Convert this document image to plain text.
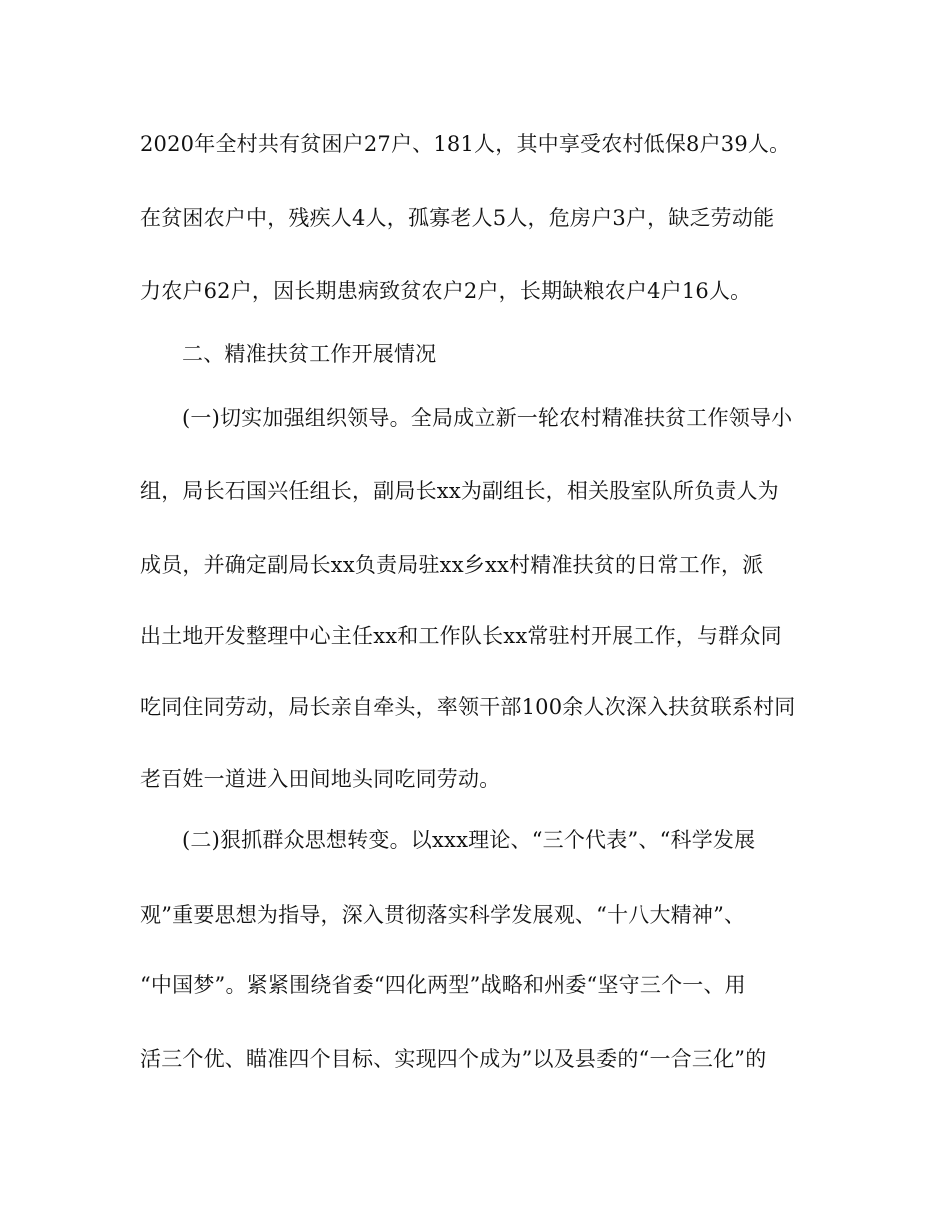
2020年全村共有贫困户27户、181人，其中享受农村低保8户39人。
在贫困农户中，残疾人4人，孤寡老人5人，危房户3户，缺乏劳动能
力农户62户，因长期患病致贫农户2户，长期缺粮农户4户16人。
二、精准扶贫工作开展情况
(一)切实加强组织领导。全局成立新一轮农村精准扶贫工作领导小
组，局长石国兴任组长，副局长xx为副组长，相关股室队所负责人为
成员，并确定副局长xx负责局驻xx乡xx村精准扶贫的日常工作，派
出土地开发整理中心主任xx和工作队长xx常驻村开展工作，与群众同
吃同住同劳动，局长亲自牵头，率领干部100余人次深入扶贫联系村同
老百姓一道进入田间地头同吃同劳动。
(二)狠抓群众思想转变。以xxx理论、“三个代表”、“科学发展
观”重要思想为指导，深入贯彻落实科学发展观、“十八大精神”、
“中国梦”。紧紧围绕省委“四化两型”战略和州委“坚守三个一、用
活三个优、瞄准四个目标、实现四个成为”以及县委的“一合三化”的
